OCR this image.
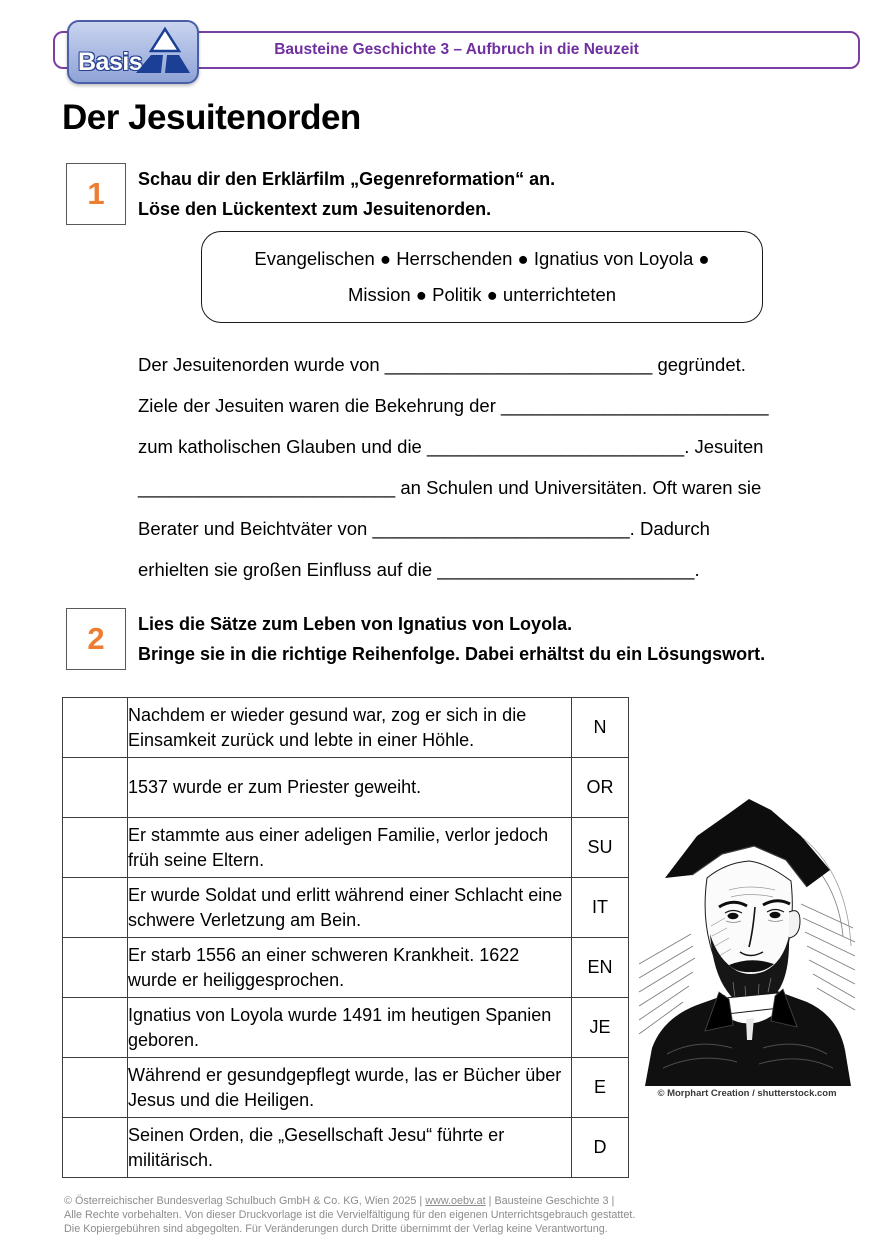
Bausteine Geschichte 3 – Aufbruch in die Neuzeit
Basis
Der Jesuitenorden
1 Schau dir den Erklärfilm „Gegenreformation“ an.
Löse den Lückentext zum Jesuitenorden.
Evangelischen ● Herrschenden ● Ignatius von Loyola ●
Mission ● Politik ● unterrichteten
Der Jesuitenorden wurde von __________________________ gegründet.
Ziele der Jesuiten waren die Bekehrung der __________________________
zum katholischen Glauben und die _________________________. Jesuiten
_________________________ an Schulen und Universitäten. Oft waren sie
Berater und Beichtväter von _________________________. Dadurch
erhielten sie großen Einfluss auf die _________________________.
2 Lies die Sätze zum Leben von Ignatius von Loyola.
Bringe sie in die richtige Reihenfolge. Dabei erhältst du ein Lösungswort.
	Nachdem er wieder gesund war, zog er sich in die Einsamkeit zurück und lebte in einer Höhle.	N
	1537 wurde er zum Priester geweiht.	OR
	Er stammte aus einer adeligen Familie, verlor jedoch früh seine Eltern.	SU
	Er wurde Soldat und erlitt während einer Schlacht eine schwere Verletzung am Bein.	IT
	Er starb 1556 an einer schweren Krankheit. 1622 wurde er heiliggesprochen.	EN
	Ignatius von Loyola wurde 1491 im heutigen Spanien geboren.	JE
	Während er gesundgepflegt wurde, las er Bücher über Jesus und die Heiligen.	E
	Seinen Orden, die „Gesellschaft Jesu“ führte er militärisch.	D
© Morphart Creation / shutterstock.com
© Österreichischer Bundesverlag Schulbuch GmbH & Co. KG, Wien 2025 | www.oebv.at | Bausteine Geschichte 3 |
Alle Rechte vorbehalten. Von dieser Druckvorlage ist die Vervielfältigung für den eigenen Unterrichtsgebrauch gestattet.
Die Kopiergebühren sind abgegolten. Für Veränderungen durch Dritte übernimmt der Verlag keine Verantwortung.
